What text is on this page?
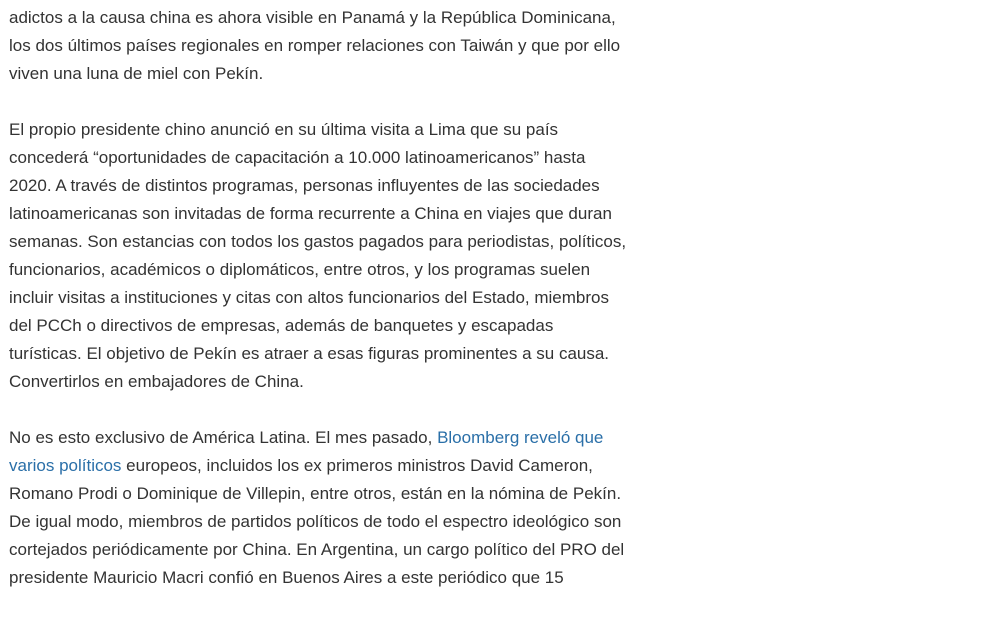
adictos a la causa china es ahora visible en Panamá y la República Dominicana,
los dos últimos países regionales en romper relaciones con Taiwán y que por ello
viven una luna de miel con Pekín.

El propio presidente chino anunció en su última visita a Lima que su país
concederá “oportunidades de capacitación a 10.000 latinoamericanos” hasta
2020. A través de distintos programas, personas influyentes de las sociedades
latinoamericanas son invitadas de forma recurrente a China en viajes que duran
semanas. Son estancias con todos los gastos pagados para periodistas, políticos,
funcionarios, académicos o diplomáticos, entre otros, y los programas suelen
incluir visitas a instituciones y citas con altos funcionarios del Estado, miembros
del PCCh o directivos de empresas, además de banquetes y escapadas
turísticas. El objetivo de Pekín es atraer a esas figuras prominentes a su causa.
Convertirlos en embajadores de China.

No es esto exclusivo de América Latina. El mes pasado, Bloomberg reveló que
varios políticos europeos, incluidos los ex primeros ministros David Cameron,
Romano Prodi o Dominique de Villepin, entre otros, están en la nómina de Pekín.
De igual modo, miembros de partidos políticos de todo el espectro ideológico son
cortejados periódicamente por China. En Argentina, un cargo político del PRO del
presidente Mauricio Macri confió en Buenos Aires a este periódico que 15
